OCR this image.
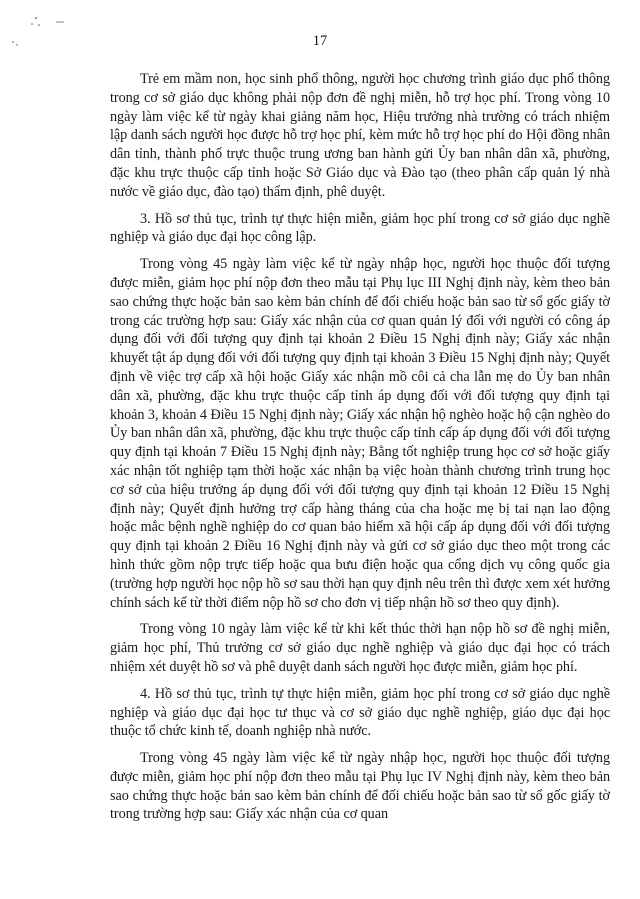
17

Trẻ em mầm non, học sinh phổ thông, người học chương trình giáo dục phổ thông trong cơ sở giáo dục không phải nộp đơn đề nghị miễn, hỗ trợ học phí. Trong vòng 10 ngày làm việc kể từ ngày khai giảng năm học, Hiệu trưởng nhà trường có trách nhiệm lập danh sách người học được hỗ trợ học phí, kèm mức hỗ trợ học phí do Hội đồng nhân dân tỉnh, thành phố trực thuộc trung ương ban hành gửi Ủy ban nhân dân xã, phường, đặc khu trực thuộc cấp tỉnh hoặc Sở Giáo dục và Đào tạo (theo phân cấp quản lý nhà nước về giáo dục, đào tạo) thẩm định, phê duyệt.

3. Hồ sơ thủ tục, trình tự thực hiện miễn, giảm học phí trong cơ sở giáo dục nghề nghiệp và giáo dục đại học công lập.

Trong vòng 45 ngày làm việc kể từ ngày nhập học, người học thuộc đối tượng được miễn, giảm học phí nộp đơn theo mẫu tại Phụ lục III Nghị định này, kèm theo bản sao chứng thực hoặc bản sao kèm bản chính để đối chiếu hoặc bản sao từ sổ gốc giấy tờ trong các trường hợp sau: Giấy xác nhận của cơ quan quản lý đối với người có công áp dụng đối với đối tượng quy định tại khoản 2 Điều 15 Nghị định này; Giấy xác nhận khuyết tật áp dụng đối với đối tượng quy định tại khoản 3 Điều 15 Nghị định này; Quyết định về việc trợ cấp xã hội hoặc Giấy xác nhận mồ côi cả cha lẫn mẹ do Ủy ban nhân dân xã, phường, đặc khu trực thuộc cấp tỉnh áp dụng đối với đối tượng quy định tại khoản 3, khoản 4 Điều 15 Nghị định này; Giấy xác nhận hộ nghèo hoặc hộ cận nghèo do Ủy ban nhân dân xã, phường, đặc khu trực thuộc cấp tỉnh cấp áp dụng đối với đối tượng quy định tại khoản 7 Điều 15 Nghị định này; Bằng tốt nghiệp trung học cơ sở hoặc giấy xác nhận tốt nghiệp tạm thời hoặc xác nhận bạ việc hoàn thành chương trình trung học cơ sở của hiệu trưởng áp dụng đối với đối tượng quy định tại khoản 12 Điều 15 Nghị định này; Quyết định hưởng trợ cấp hàng tháng của cha hoặc mẹ bị tai nạn lao động hoặc mắc bệnh nghề nghiệp do cơ quan bảo hiểm xã hội cấp áp dụng đối với đối tượng quy định tại khoản 2 Điều 16 Nghị định này và gửi cơ sở giáo dục theo một trong các hình thức gồm nộp trực tiếp hoặc qua bưu điện hoặc qua cổng dịch vụ công quốc gia (trường hợp người học nộp hồ sơ sau thời hạn quy định nêu trên thì được xem xét hưởng chính sách kể từ thời điểm nộp hồ sơ cho đơn vị tiếp nhận hồ sơ theo quy định).

Trong vòng 10 ngày làm việc kể từ khi kết thúc thời hạn nộp hồ sơ đề nghị miễn, giảm học phí, Thủ trưởng cơ sở giáo dục nghề nghiệp và giáo dục đại học có trách nhiệm xét duyệt hồ sơ và phê duyệt danh sách người học được miễn, giảm học phí.

4. Hồ sơ thủ tục, trình tự thực hiện miễn, giảm học phí trong cơ sở giáo dục nghề nghiệp và giáo dục đại học tư thục và cơ sở giáo dục nghề nghiệp, giáo dục đại học thuộc tổ chức kinh tế, doanh nghiệp nhà nước.

Trong vòng 45 ngày làm việc kể từ ngày nhập học, người học thuộc đối tượng được miễn, giảm học phí nộp đơn theo mẫu tại Phụ lục IV Nghị định này, kèm theo bản sao chứng thực hoặc bản sao kèm bản chính để đối chiếu hoặc bản sao từ sổ gốc giấy tờ trong trường hợp sau: Giấy xác nhận của cơ quan
